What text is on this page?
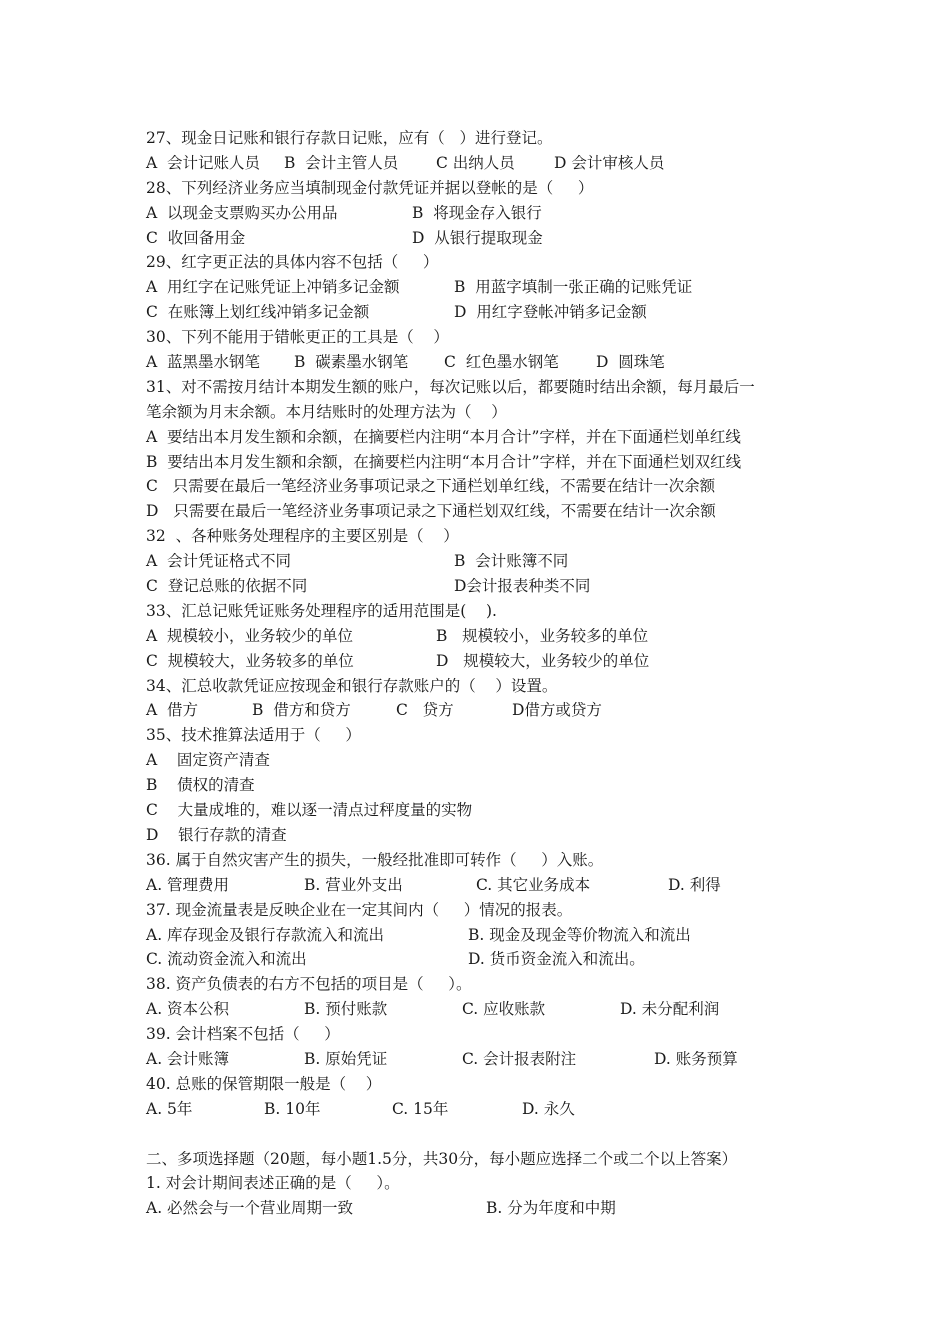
27、现金日记账和银行存款日记账，应有（   ）进行登记。

A  会计记账人员

B  会计主管人员

C 出纳人员

	D 会计审核人员

28、下列经济业务应当填制现金付款凭证并据以登帐的是（     ）

A  以现金支票购买办公用品

	B  将现金存入银行

C  收回备用金

	D  从银行提取现金

29、红字更正法的具体内容不包括（     ）

A  用红字在记账凭证上冲销多记金额

	B  用蓝字填制一张正确的记账凭证

C  在账簿上划红线冲销多记金额

	D  用红字登帐冲销多记金额

30、下列不能用于错帐更正的工具是（    ）

A  蓝黑墨水钢笔

B  碳素墨水钢笔

C  红色墨水钢笔

D  圆珠笔

31、对不需按月结计本期发生额的账户，每次记账以后，都要随时结出余额，每月最后一
笔余额为月末余额。本月结账时的处理方法为（    ）
A  要结出本月发生额和余额，在摘要栏内注明“本月合计”字样，并在下面通栏划单红线
B  要结出本月发生额和余额，在摘要栏内注明“本月合计”字样，并在下面通栏划双红线
C   只需要在最后一笔经济业务事项记录之下通栏划单红线，不需要在结计一次余额
D   只需要在最后一笔经济业务事项记录之下通栏划双红线，不需要在结计一次余额
32  、各种账务处理程序的主要区别是（    ）

A  会计凭证格式不同

	B  会计账簿不同

C  登记总账的依据不同

	D会计报表种类不同

33、汇总记账凭证账务处理程序的适用范围是(    ).

A  规模较小，业务较少的单位

	B   规模较小，业务较多的单位

C  规模较大，业务较多的单位

	D   规模较大，业务较少的单位

34、汇总收款凭证应按现金和银行存款账户的（    ）设置。

A  借方

	B  借方和贷方

	C   贷方

	D借方或贷方

35、技术推算法适用于（     ）
A    固定资产清查
B    债权的清查
C    大量成堆的，难以逐一清点过秤度量的实物
D    银行存款的清查
36. 属于自然灾害产生的损失，一般经批准即可转作（     ）入账。

A. 管理费用

	B. 营业外支出

	C. 其它业务成本

	D. 利得

37. 现金流量表是反映企业在一定其间内（     ）情况的报表。

A. 库存现金及银行存款流入和流出

	B. 现金及现金等价物流入和流出

C. 流动资金流入和流出

	D. 货币资金流入和流出。

38. 资产负债表的右方不包括的项目是（     ）。

A. 资本公积

	B. 预付账款

	C. 应收账款

	D. 未分配利润

39. 会计档案不包括（     ）

A. 会计账簿

	B. 原始凭证

	C. 会计报表附注

	D. 账务预算

40. 总账的保管期限一般是（    ）

A. 5年

	B. 10年

	C. 15年

	D. 永久

二、多项选择题（20题，每小题1.5分，共30分，每小题应选择二个或二个以上答案）
1. 对会计期间表述正确的是（     ）。

A. 必然会与一个营业周期一致

	B. 分为年度和中期
